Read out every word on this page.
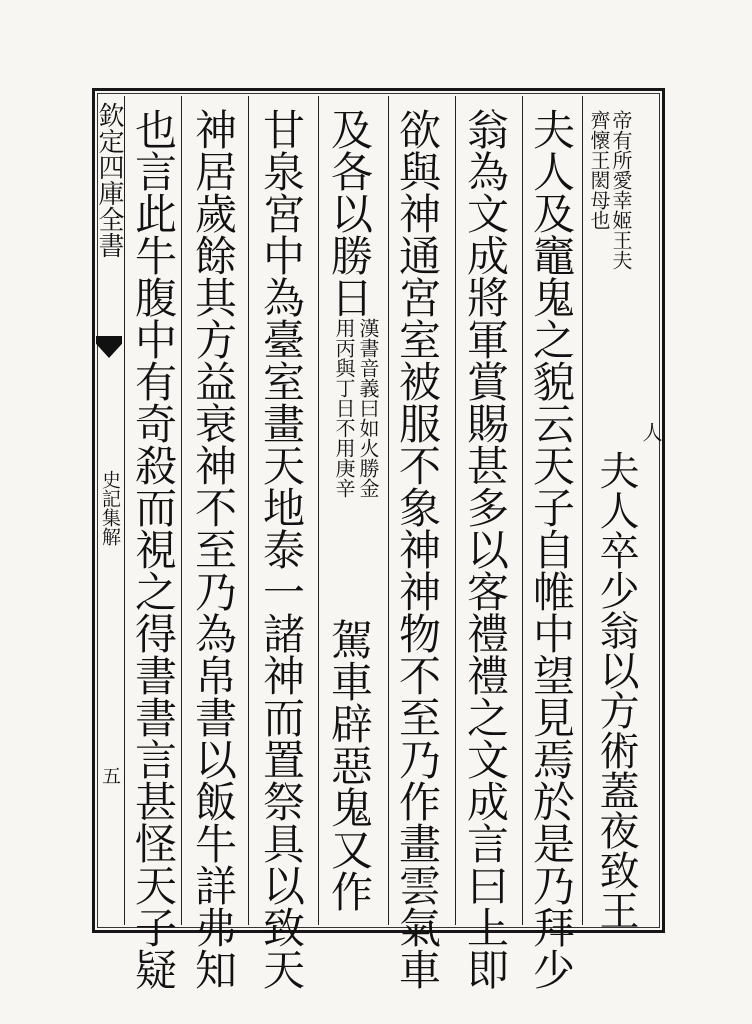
欽定四庫全書
史記集解
五
人
夫人卒少翁以方術蓋夜致王
帝有所愛幸姬王夫
齊懷王閎母也
夫人及竈鬼之貌云天子自帷中望見焉於是乃拜少
翁為文成將軍賞賜甚多以客禮禮之文成言曰上即
欲與神通宮室被服不象神神物不至乃作畫雲氣車
及各以勝日
漢書音義曰如火勝金
用丙與丁日不用庚辛
駕車辟惡鬼又作
甘泉宮中為臺室畫天地泰一諸神而置祭具以致天
神居歲餘其方益衰神不至乃為帛書以飯牛詳弗知
也言此牛腹中有奇殺而視之得書書言甚怪天子疑
